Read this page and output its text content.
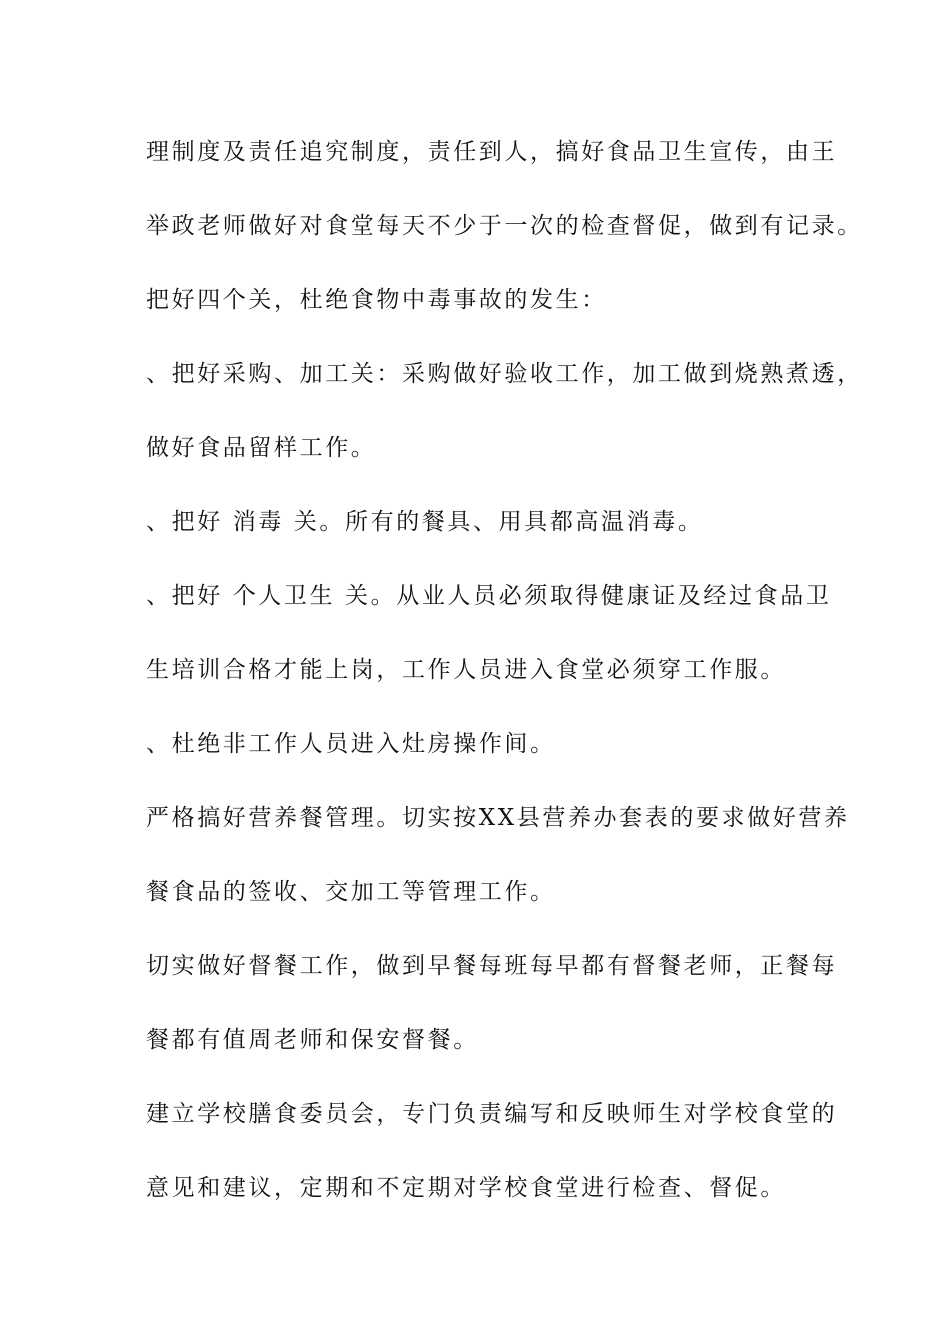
理制度及责任追究制度，责任到人，搞好食品卫生宣传，由王
举政老师做好对食堂每天不少于一次的检查督促，做到有记录。
把好四个关，杜绝食物中毒事故的发生：
、把好采购、加工关：采购做好验收工作，加工做到烧熟煮透，
做好食品留样工作。
、把好 消毒 关。所有的餐具、用具都高温消毒。
、把好 个人卫生 关。从业人员必须取得健康证及经过食品卫
生培训合格才能上岗，工作人员进入食堂必须穿工作服。
、杜绝非工作人员进入灶房操作间。
严格搞好营养餐管理。切实按XX县营养办套表的要求做好营养
餐食品的签收、交加工等管理工作。
切实做好督餐工作，做到早餐每班每早都有督餐老师，正餐每
餐都有值周老师和保安督餐。
建立学校膳食委员会，专门负责编写和反映师生对学校食堂的
意见和建议，定期和不定期对学校食堂进行检查、督促。
